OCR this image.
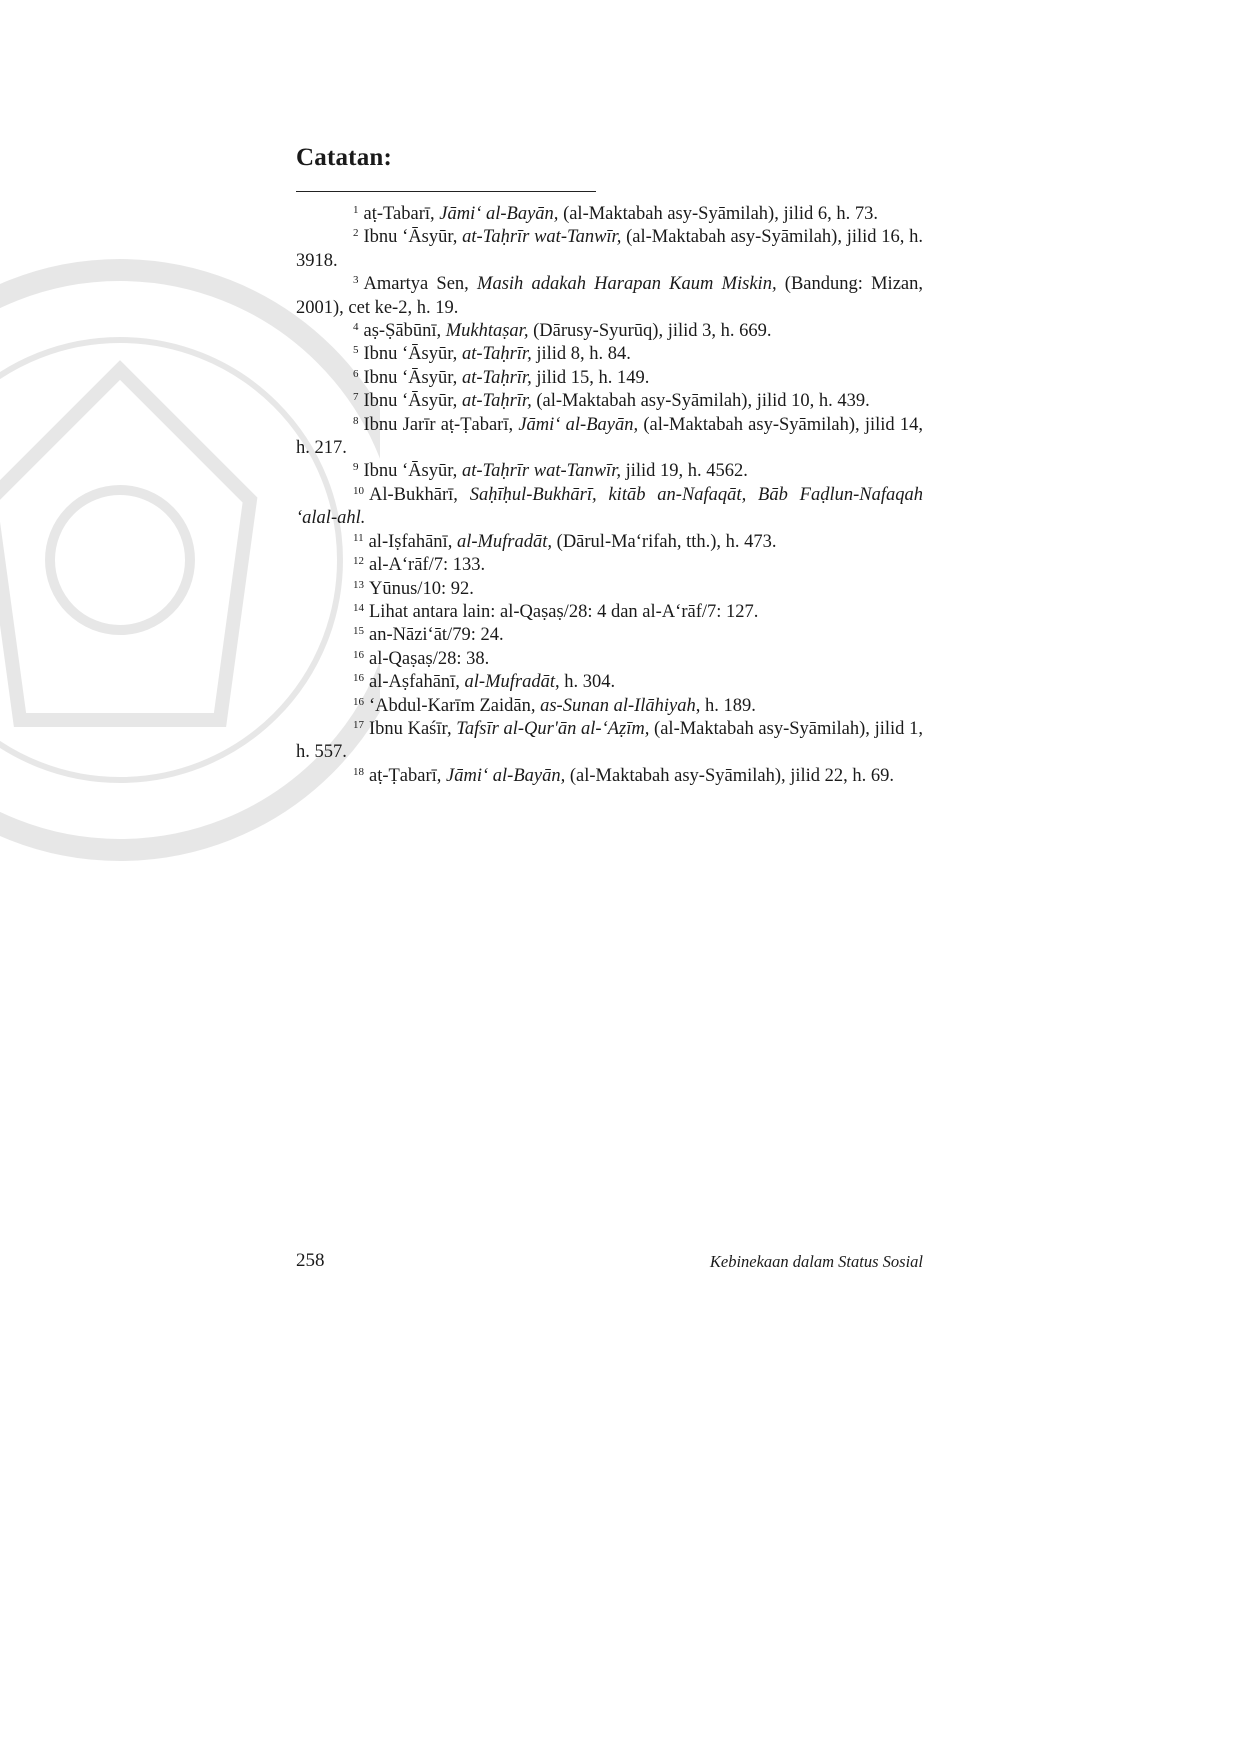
Catatan:

$^1$ aṭ-Tabarī, Jāmi‘ al-Bayān, (al-Maktabah asy-Syāmilah), jilid 6, h. 73.

$^2$ Ibnu ‘Āsyūr, at-Taḥrīr wat-Tanwīr, (al-Maktabah asy-Syāmilah), jilid 16, h. 3918.

$^3$ Amartya Sen, Masih adakah Harapan Kaum Miskin, (Bandung: Mizan, 2001), cet ke-2, h. 19.

$^4$ aṣ-Ṣābūnī, Mukhtaṣar, (Dārusy-Syurūq), jilid 3, h. 669.

$^5$ Ibnu ‘Āsyūr, at-Taḥrīr, jilid 8, h. 84.

$^6$ Ibnu ‘Āsyūr, at-Taḥrīr, jilid 15, h. 149.

$^7$ Ibnu ‘Āsyūr, at-Taḥrīr, (al-Maktabah asy-Syāmilah), jilid 10, h. 439.

$^8$ Ibnu Jarīr aṭ-Ṭabarī, Jāmi‘ al-Bayān, (al-Maktabah asy-Syāmilah), jilid 14, h. 217.

$^9$ Ibnu ‘Āsyūr, at-Taḥrīr wat-Tanwīr, jilid 19, h. 4562.

$^{10}$ Al-Bukhārī, Saḥīḥul-Bukhārī, kitāb an-Nafaqāt, Bāb Faḍlun-Nafaqah ‘alal-ahl.

$^{11}$ al-Iṣfahānī, al-Mufradāt, (Dārul-Ma‘rifah, tth.), h. 473.

$^{12}$ al-A‘rāf/7: 133.

$^{13}$ Yūnus/10: 92.

$^{14}$ Lihat antara lain: al-Qaṣaṣ/28: 4 dan al-A‘rāf/7: 127.

$^{15}$ an-Nāzi‘āt/79: 24.

$^{16}$ al-Qaṣaṣ/28: 38.

$^{16}$ al-Aṣfahānī, al-Mufradāt, h. 304.

$^{16}$ ‘Abdul-Karīm Zaidān, as-Sunan al-Ilāhiyah, h. 189.

$^{17}$ Ibnu Kaśīr, Tafsīr al-Qur'ān al-‘Aẓīm, (al-Maktabah asy-Syāmilah), jilid 1, h. 557.

$^{18}$ aṭ-Ṭabarī, Jāmi‘ al-Bayān, (al-Maktabah asy-Syāmilah), jilid 22, h. 69.

258	Kebinekaan dalam Status Sosial
